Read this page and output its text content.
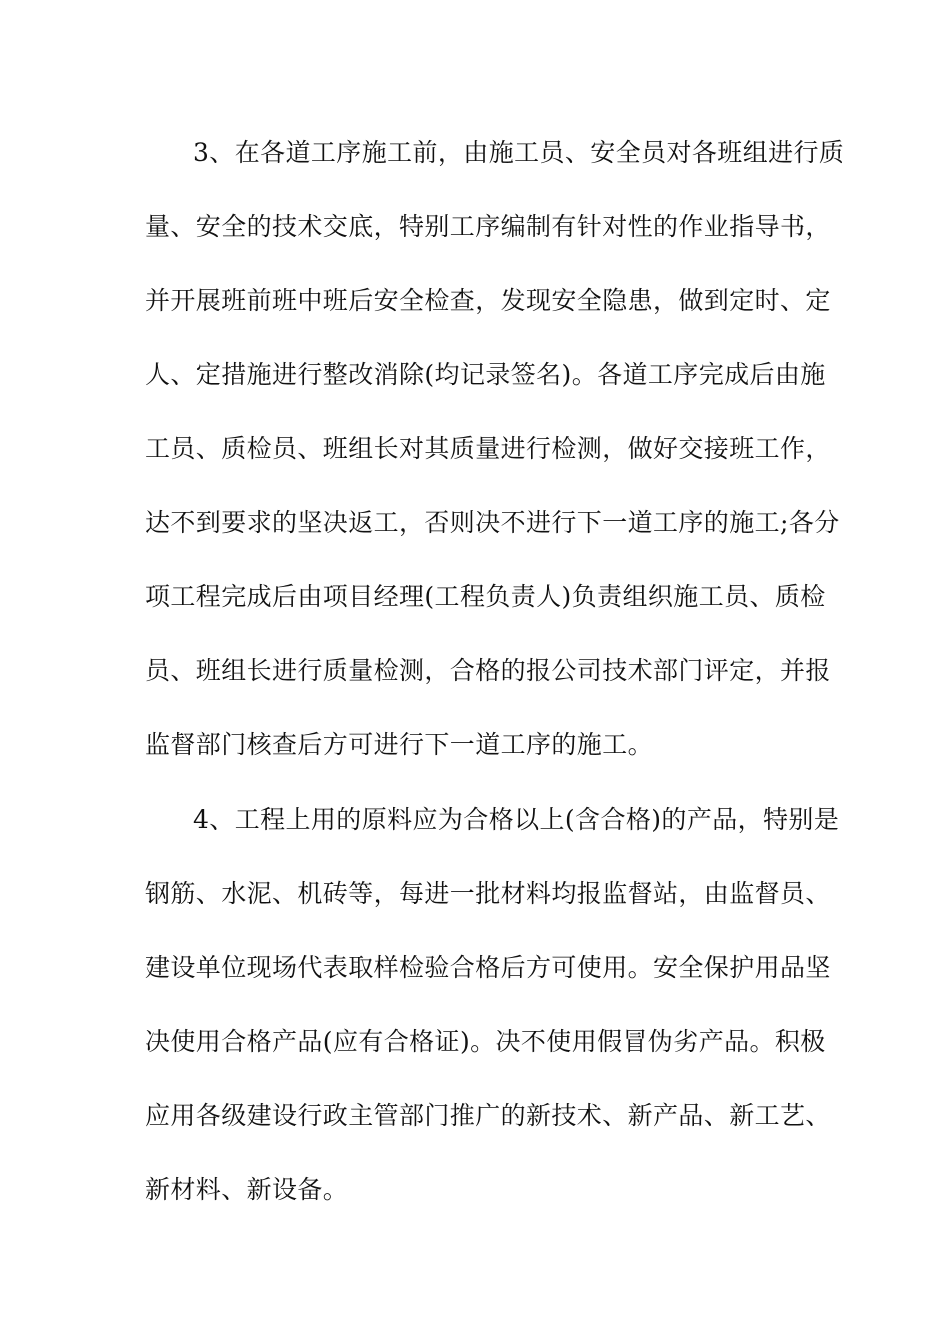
3、在各道工序施工前，由施工员、安全员对各班组进行质
量、安全的技术交底，特别工序编制有针对性的作业指导书，
并开展班前班中班后安全检查，发现安全隐患，做到定时、定
人、定措施进行整改消除(均记录签名)。各道工序完成后由施
工员、质检员、班组长对其质量进行检测，做好交接班工作，
达不到要求的坚决返工，否则决不进行下一道工序的施工;各分
项工程完成后由项目经理(工程负责人)负责组织施工员、质检
员、班组长进行质量检测，合格的报公司技术部门评定，并报
监督部门核查后方可进行下一道工序的施工。
4、工程上用的原料应为合格以上(含合格)的产品，特别是
钢筋、水泥、机砖等，每进一批材料均报监督站，由监督员、
建设单位现场代表取样检验合格后方可使用。安全保护用品坚
决使用合格产品(应有合格证)。决不使用假冒伪劣产品。积极
应用各级建设行政主管部门推广的新技术、新产品、新工艺、
新材料、新设备。
